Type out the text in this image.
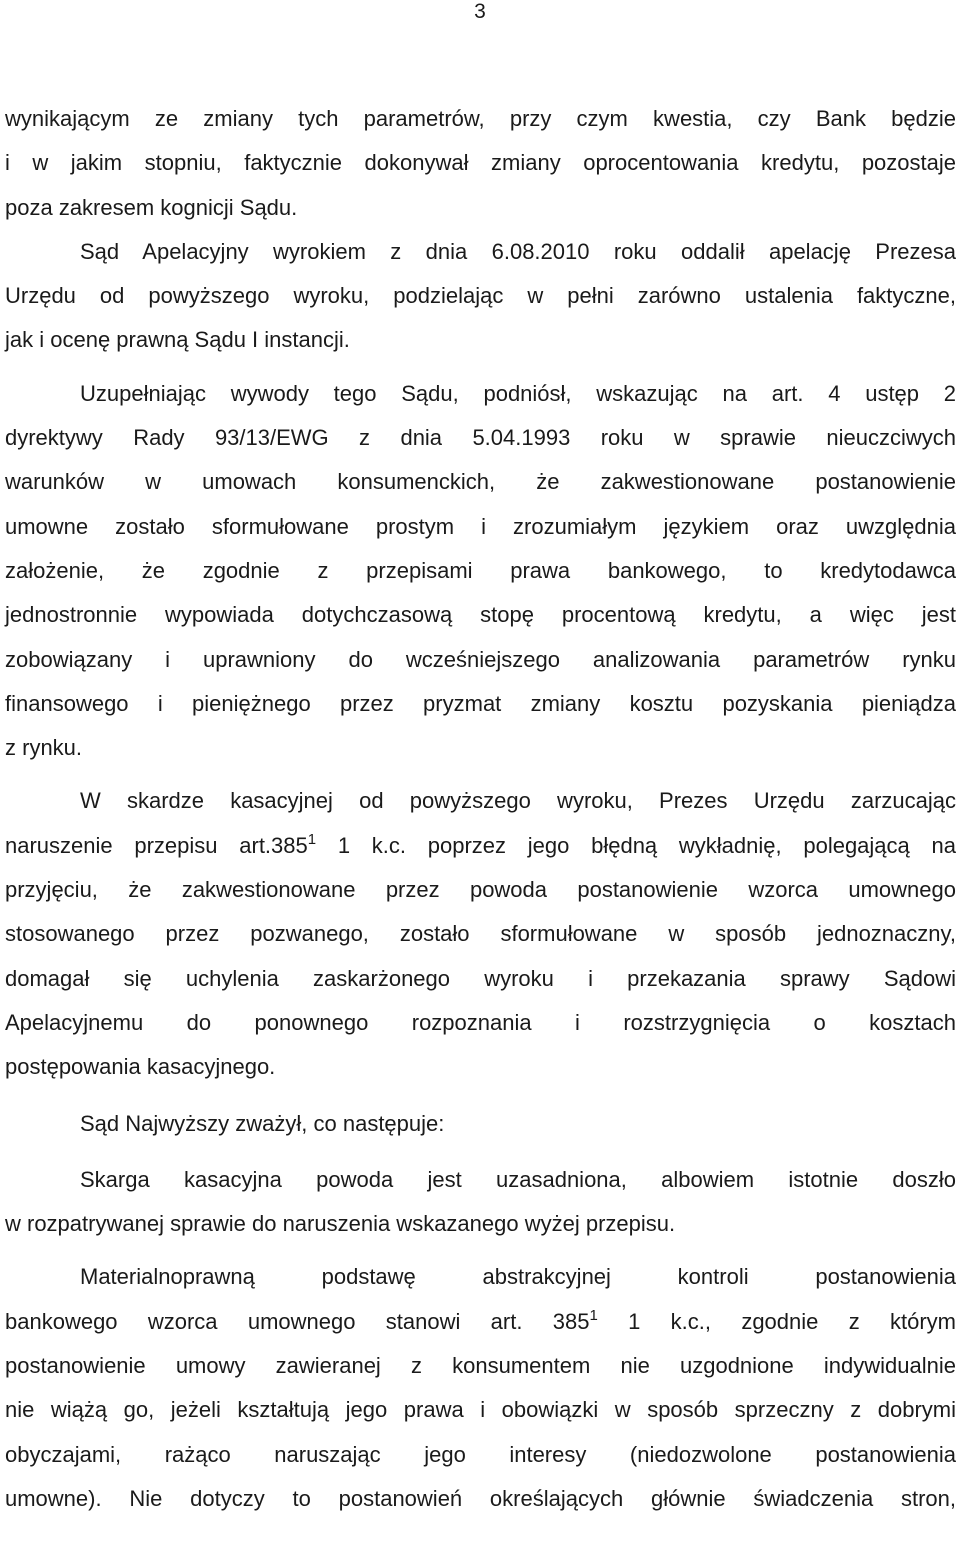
3
wynikającym ze zmiany tych parametrów, przy czym kwestia, czy Bank będzie
i w jakim stopniu, faktycznie dokonywał zmiany oprocentowania kredytu, pozostaje
poza zakresem kognicji Sądu.
Sąd Apelacyjny wyrokiem z dnia 6.08.2010 roku oddalił apelację Prezesa
Urzędu od powyższego wyroku, podzielając w pełni zarówno ustalenia faktyczne,
jak i ocenę prawną Sądu I instancji.
Uzupełniając wywody tego Sądu, podniósł, wskazując na art. 4 ustęp 2
dyrektywy Rady 93/13/EWG z dnia 5.04.1993 roku w sprawie nieuczciwych
warunków w umowach konsumenckich, że zakwestionowane postanowienie
umowne zostało sformułowane prostym i zrozumiałym językiem oraz uwzględnia
założenie, że zgodnie z przepisami prawa bankowego, to kredytodawca
jednostronnie wypowiada dotychczasową stopę procentową kredytu, a więc jest
zobowiązany i uprawniony do wcześniejszego analizowania parametrów rynku
finansowego i pieniężnego przez pryzmat zmiany kosztu pozyskania pieniądza
z rynku.
W skardze kasacyjnej od powyższego wyroku, Prezes Urzędu zarzucając
naruszenie przepisu art.385$^1$ 1 k.c. poprzez jego błędną wykładnię, polegającą na
przyjęciu, że zakwestionowane przez powoda postanowienie wzorca umownego
stosowanego przez pozwanego, zostało sformułowane w sposób jednoznaczny,
domagał się uchylenia zaskarżonego wyroku i przekazania sprawy Sądowi
Apelacyjnemu do ponownego rozpoznania i rozstrzygnięcia o kosztach
postępowania kasacyjnego.
Sąd Najwyższy zważył, co następuje:
Skarga kasacyjna powoda jest uzasadniona, albowiem istotnie doszło
w rozpatrywanej sprawie do naruszenia wskazanego wyżej przepisu.
Materialnoprawną podstawę abstrakcyjnej kontroli postanowienia
bankowego wzorca umownego stanowi art. $385^1$ 1 k.c., zgodnie z którym
postanowienie umowy zawieranej z konsumentem nie uzgodnione indywidualnie
nie wiążą go, jeżeli kształtują jego prawa i obowiązki w sposób sprzeczny z dobrymi
obyczajami, rażąco naruszając jego interesy (niedozwolone postanowienia
umowne). Nie dotyczy to postanowień określających głównie świadczenia stron,
